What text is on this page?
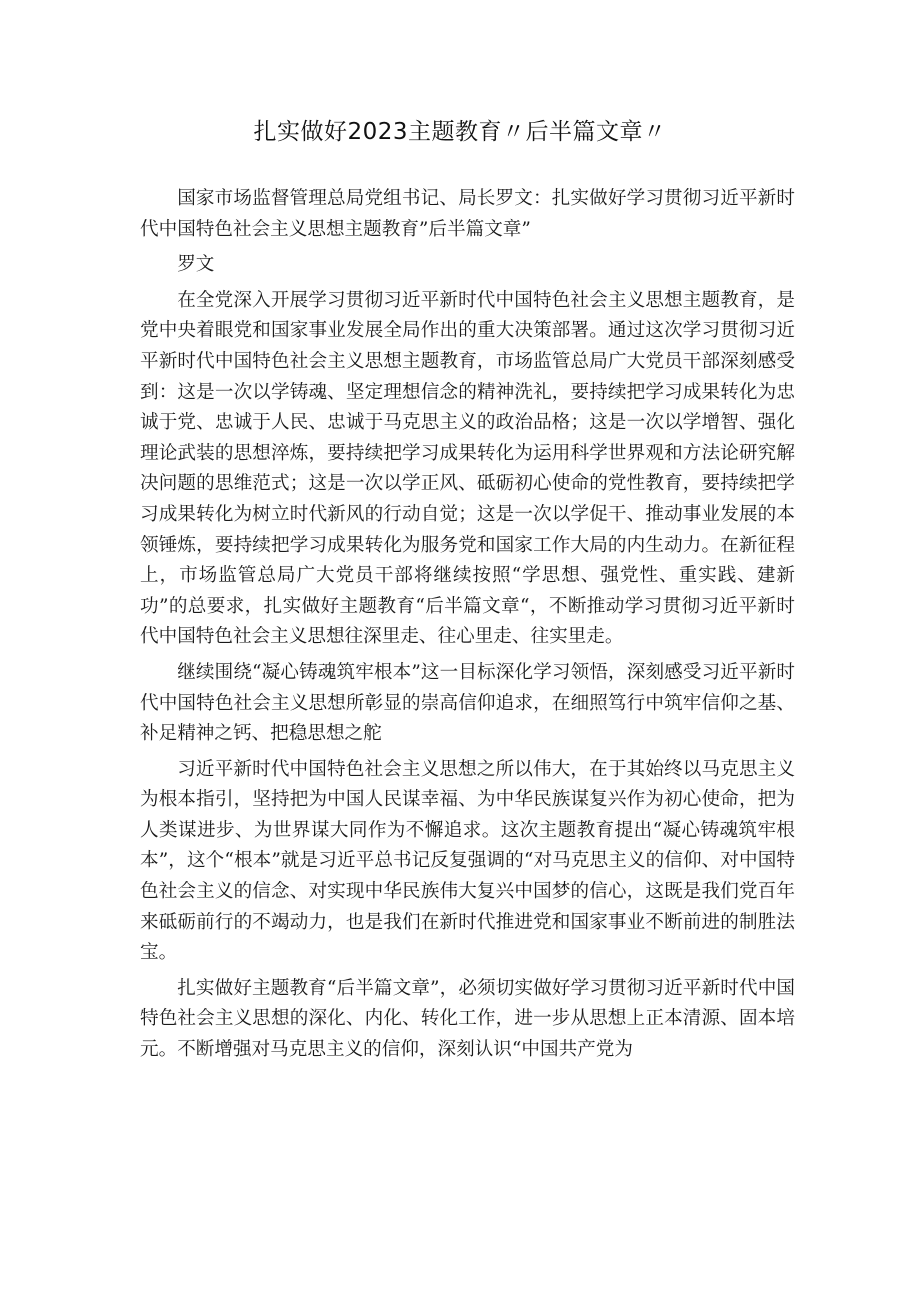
扎实做好2023主题教育〃后半篇文章〃

国家市场监督管理总局党组书记、局长罗文：扎实做好学习贯彻习近平新时代中国特色社会主义思想主题教育”后半篇文章”

罗文

在全党深入开展学习贯彻习近平新时代中国特色社会主义思想主题教育，是党中央着眼党和国家事业发展全局作出的重大决策部署。通过这次学习贯彻习近平新时代中国特色社会主义思想主题教育，市场监管总局广大党员干部深刻感受到：这是一次以学铸魂、坚定理想信念的精神洗礼，要持续把学习成果转化为忠诚于党、忠诚于人民、忠诚于马克思主义的政治品格；这是一次以学增智、强化理论武装的思想淬炼，要持续把学习成果转化为运用科学世界观和方法论研究解决问题的思维范式；这是一次以学正风、砥砺初心使命的党性教育，要持续把学习成果转化为树立时代新风的行动自觉；这是一次以学促干、推动事业发展的本领锤炼，要持续把学习成果转化为服务党和国家工作大局的内生动力。在新征程上，市场监管总局广大党员干部将继续按照“学思想、强党性、重实践、建新功”的总要求，扎实做好主题教育“后半篇文章“，不断推动学习贯彻习近平新时代中国特色社会主义思想往深里走、往心里走、往实里走。

继续围绕“凝心铸魂筑牢根本”这一目标深化学习领悟，深刻感受习近平新时代中国特色社会主义思想所彰显的崇高信仰追求，在细照笃行中筑牢信仰之基、补足精神之钙、把稳思想之舵

习近平新时代中国特色社会主义思想之所以伟大，在于其始终以马克思主义为根本指引，坚持把为中国人民谋幸福、为中华民族谋复兴作为初心使命，把为人类谋进步、为世界谋大同作为不懈追求。这次主题教育提出“凝心铸魂筑牢根本”，这个“根本”就是习近平总书记反复强调的“对马克思主义的信仰、对中国特色社会主义的信念、对实现中华民族伟大复兴中国梦的信心，这既是我们党百年来砥砺前行的不竭动力，也是我们在新时代推进党和国家事业不断前进的制胜法宝。

扎实做好主题教育“后半篇文章”，必须切实做好学习贯彻习近平新时代中国特色社会主义思想的深化、内化、转化工作，进一步从思想上正本清源、固本培元。不断增强对马克思主义的信仰，深刻认识“中国共产党为
